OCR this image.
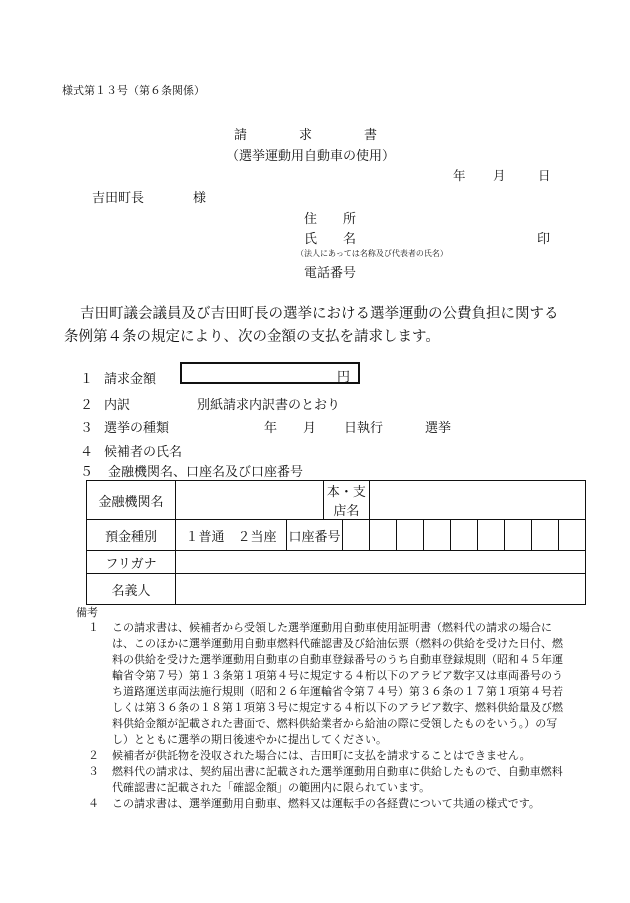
様式第１３号（第６条関係）
請　　　　求　　　　書
（選挙運動用自動車の使用）
年 月	日
吉田町長	様
住　　所
氏　　名	印
（法人にあっては名称及び代表者の氏名）
電話番号
吉田町議会議員及び吉田町長の選挙における選挙運動の公費負担に関する
条例第４条の規定により、次の金額の支払を請求します。
１ 請求金額	円
２ 内訳	別紙請求内訳書のとおり
３ 選挙の種類	年 月 日執行	選挙
４ 候補者の氏名
５ 金融機関名、口座名及び口座番号
金融機関名			本・支店名									
預金種別	１普通　２当座	口座番号										
フリガナ												
名義人												
備考
１ この請求書は、候補者から受領した選挙運動用自動車使用証明書（燃料代の請求の場合には、このほかに選挙運動用自動車燃料代確認書及び給油伝票（燃料の供給を受けた日付、燃料の供給を受けた選挙運動用自動車の自動車登録番号のうち自動車登録規則（昭和４５年運輸省令第７号）第１３条第１項第４号に規定する４桁以下のアラビア数字又は車両番号のうち道路運送車両法施行規則（昭和２６年運輸省令第７４号）第３６条の１７第１項第４号若しくは第３６条の１８第１項第３号に規定する４桁以下のアラビア数字、燃料供給量及び燃料供給金額が記載された書面で、燃料供給業者から給油の際に受領したものをいう。）の写し）とともに選挙の期日後速やかに提出してください。
２ 候補者が供託物を没収された場合には、吉田町に支払を請求することはできません。
３ 燃料代の請求は、契約届出書に記載された選挙運動用自動車に供給したもので、自動車燃料代確認書に記載された「確認金額」の範囲内に限られています。
４ この請求書は、選挙運動用自動車、燃料又は運転手の各経費について共通の様式です。
